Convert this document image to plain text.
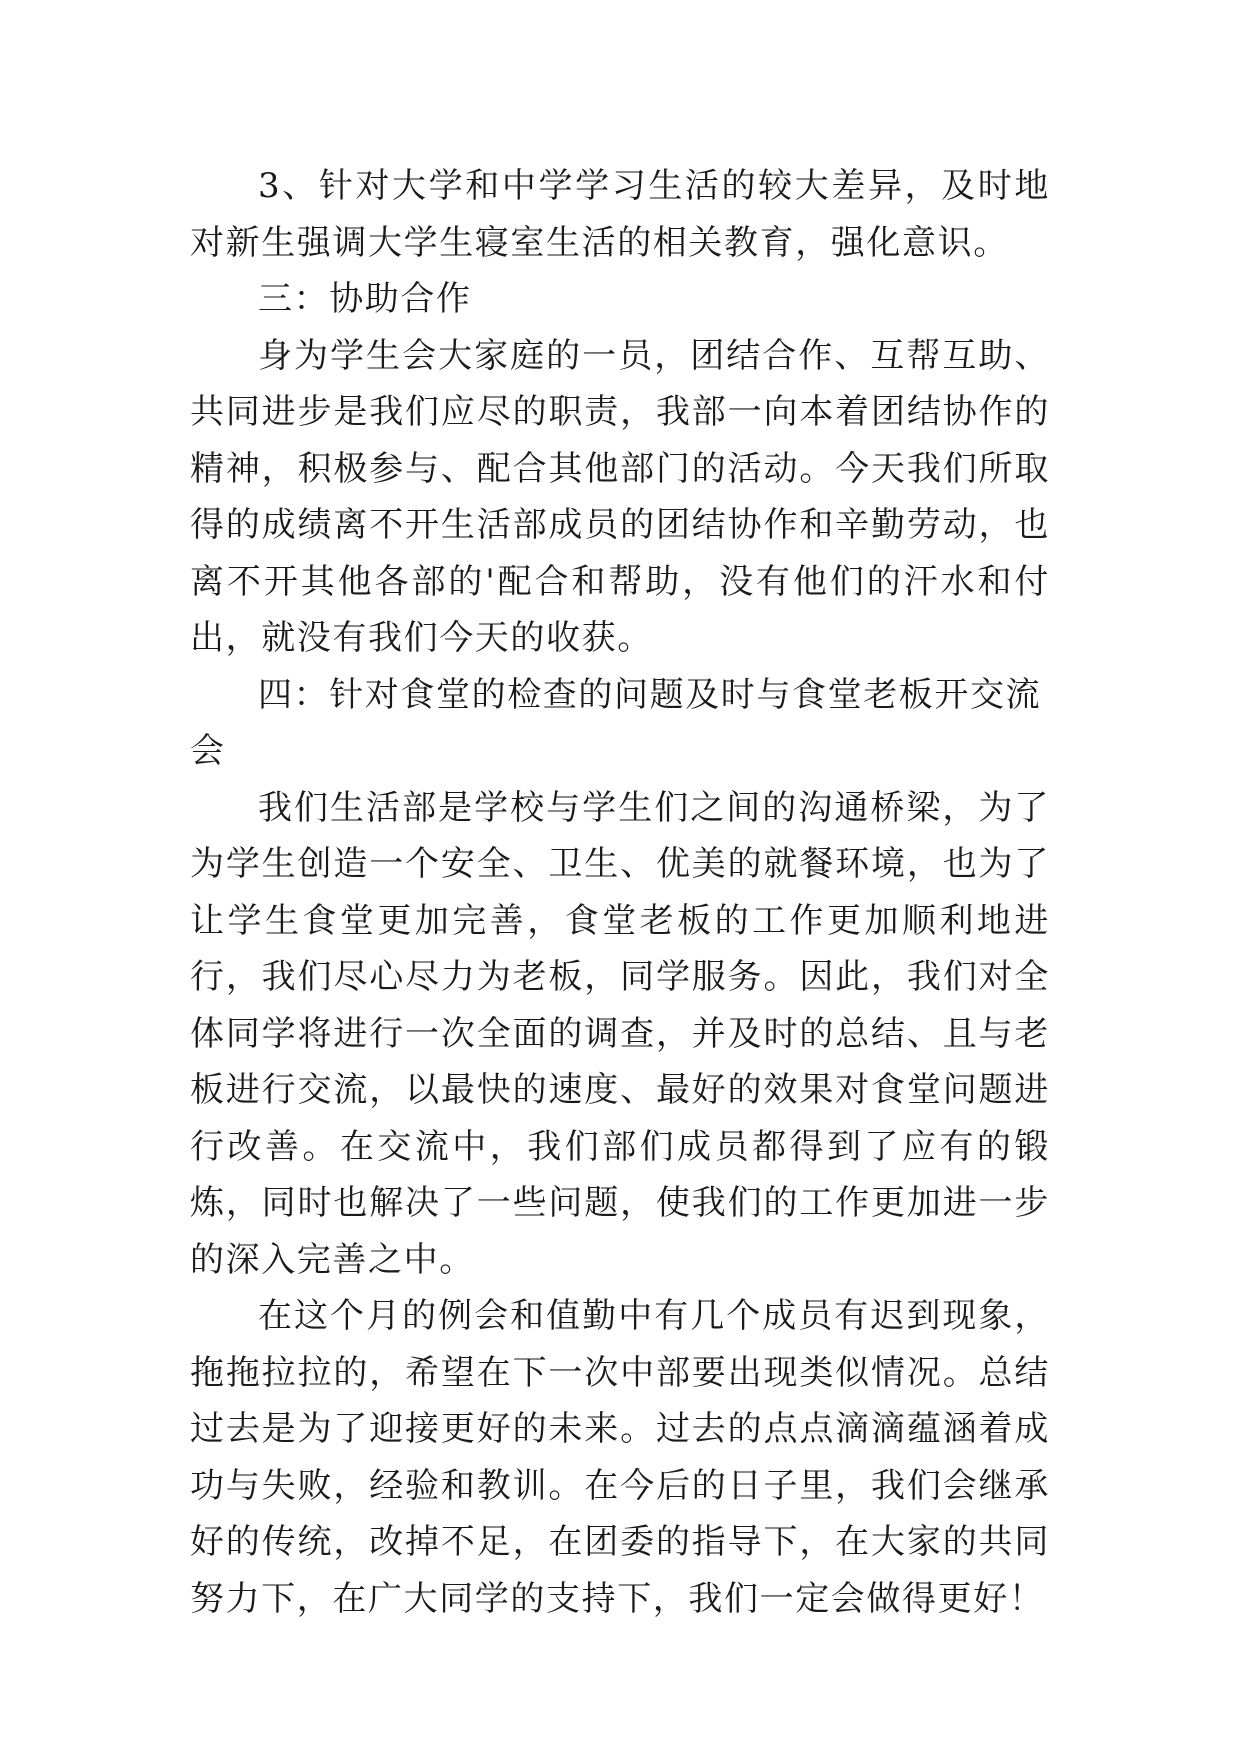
3、针对大学和中学学习生活的较大差异，及时地对新生强调大学生寝室生活的相关教育，强化意识。

三：协助合作

身为学生会大家庭的一员，团结合作、互帮互助、共同进步是我们应尽的职责，我部一向本着团结协作的精神，积极参与、配合其他部门的活动。今天我们所取得的成绩离不开生活部成员的团结协作和辛勤劳动，也离不开其他各部的'配合和帮助，没有他们的汗水和付出，就没有我们今天的收获。

四：针对食堂的检查的问题及时与食堂老板开交流会

我们生活部是学校与学生们之间的沟通桥梁，为了为学生创造一个安全、卫生、优美的就餐环境，也为了让学生食堂更加完善，食堂老板的工作更加顺利地进行，我们尽心尽力为老板，同学服务。因此，我们对全体同学将进行一次全面的调查，并及时的总结、且与老板进行交流，以最快的速度、最好的效果对食堂问题进行改善。在交流中，我们部们成员都得到了应有的锻炼，同时也解决了一些问题，使我们的工作更加进一步的深入完善之中。

在这个月的例会和值勤中有几个成员有迟到现象，拖拖拉拉的，希望在下一次中部要出现类似情况。总结过去是为了迎接更好的未来。过去的点点滴滴蕴涵着成功与失败，经验和教训。在今后的日子里，我们会继承好的传统，改掉不足，在团委的指导下，在大家的共同努力下，在广大同学的支持下，我们一定会做得更好！
